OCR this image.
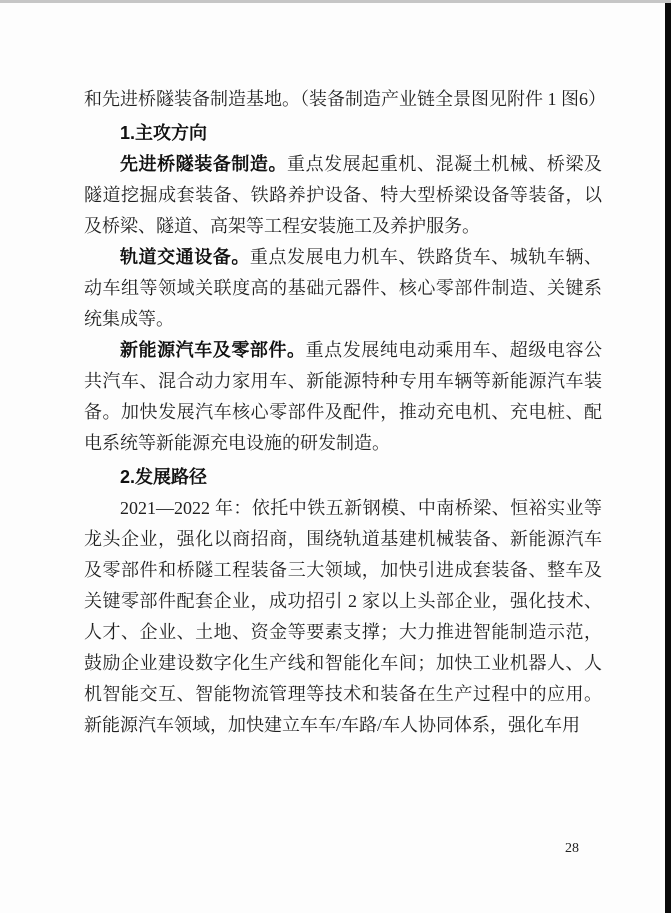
和先进桥隧装备制造基地。（装备制造产业链全景图见附件 1 图6）

1.主攻方向

先进桥隧装备制造。重点发展起重机、混凝土机械、桥梁及隧道挖掘成套装备、铁路养护设备、特大型桥梁设备等装备，以及桥梁、隧道、高架等工程安装施工及养护服务。

轨道交通设备。重点发展电力机车、铁路货车、城轨车辆、动车组等领域关联度高的基础元器件、核心零部件制造、关键系统集成等。

新能源汽车及零部件。重点发展纯电动乘用车、超级电容公共汽车、混合动力家用车、新能源特种专用车辆等新能源汽车装备。加快发展汽车核心零部件及配件，推动充电机、充电桩、配电系统等新能源充电设施的研发制造。

2.发展路径

2021—2022 年：依托中铁五新钢模、中南桥梁、恒裕实业等龙头企业，强化以商招商，围绕轨道基建机械装备、新能源汽车及零部件和桥隧工程装备三大领域，加快引进成套装备、整车及关键零部件配套企业，成功招引 2 家以上头部企业，强化技术、人才、企业、土地、资金等要素支撑；大力推进智能制造示范，鼓励企业建设数字化生产线和智能化车间；加快工业机器人、人机智能交互、智能物流管理等技术和装备在生产过程中的应用。新能源汽车领域，加快建立车车/车路/车人协同体系，强化车用

28
